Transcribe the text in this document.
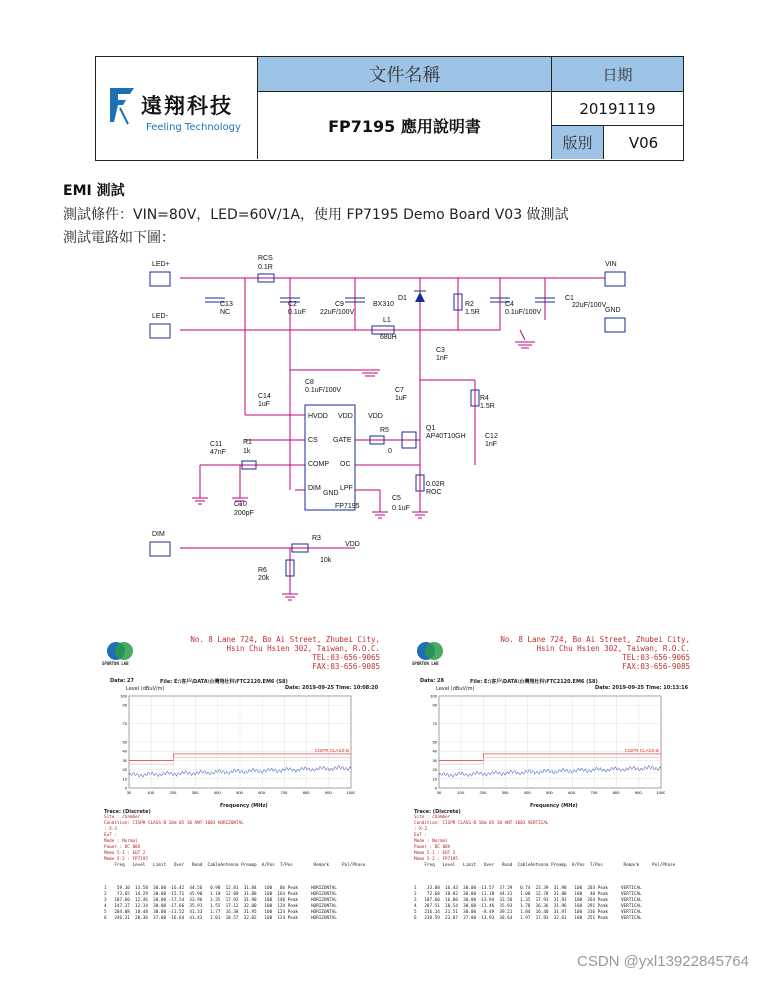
遠翔科技
Feeling Technology
文件名稱
FP7195 應用說明書
日期
20191119
版別	V06
EMI 測試
測試條件：VIN=80V，LED=60V/1A，使用 FP7195 Demo Board V03 做測試
測試電路如下圖：
LED+
LED-
VIN
GND
DIM
RCS
0.1R
C13
NC
C2
0.1uF
C9
22uF/100V
BX310
D1
R2
1.5R
C4
0.1uF/100V
C1
22uF/100V
L1
68uH
C3
1nF
C8
0.1uF/100V	C7
1uF
C14
1uF
R4
1.5R
HVDD VDD
CS GATE
COMP OC
DIM	LPF
GND
FP7195
VDD
R5
0
Q1
AP40T10GH	C12
1nF
C11
47nF
R1
1k
C10
200pF
C5
0.1uF
0.02R
ROC
R3
10k
VDD
R6
20k
SPORTON LAB
No. 8 Lane 724, Bo Ai Street, Zhubei City,
Hsin Chu Hsien 302, Taiwan, R.O.C.
TEL:03-656-9065
FAX:03-656-9085
Data: 27	File: E:\客戶\DATA\台灣翔杜科\FTC2120.EM6 (S8)
Date: 2019-09-25 Time: 10:08:20
Level (dBuV/m)
100
90
70
50
40
30
20
10
0
30	100.	200.	300.	400.	500.	600.	700.	800.	900.	1000
CISPR CLASS-B
Frequency (MHz)
Trace: (Discrete)
Site : chamber
Condition: CISPR CLASS-B 10m 05 10 ANT-1003 HORIZONTAL
: X-3
EuT :
Mode : Normal
Power : DC 80V
Memo 5-1 : EUT 2
Memo 5-2 : FP7195
Freq   Level   Limit   Over   Read  CableAntenna Preamp  A/Pos  T/Pos        Remark     Pol/Phase
1    59.10  13.58  30.00 -16.42  44.56   0.98  12.81  31.84   100   0b Peak     HORIZONTAL
2    73.65  14.29  30.00 -15.71  45.90   1.10  12.09  31.88   100  164 Peak     HORIZONTAL
3   107.60  12.46  30.00 -17.54  33.96   1.35  17.93  31.90   100  146 Peak     HORIZONTAL
4   147.37  12.34  30.00 -17.66  35.91   1.55  17.12  32.00   100  124 Peak     HORIZONTAL
5   204.08  18.48  30.00 -11.52  41.33   1.77  16.38  31.95   100  124 Peak     HORIZONTAL
6   246.31  20.36  37.00 -16.64  41.43   2.01  18.57  32.02   100  124 Peak     HORIZONTAL
SPORTON LAB
No. 8 Lane 724, Bo Ai Street, Zhubei City,
Hsin Chu Hsien 302, Taiwan, R.O.C.
TEL:03-656-9065
FAX:03-656-9085
Data: 28	File: E:\客戶\DATA\台灣翔杜科\FTC2120.EM6 (S8)
Date: 2019-09-25 Time: 10:13:16
Level (dBuV/m)
100
90
70
50
40
30
20
10
0
30	100.	200.	300.	400.	500.	600.	700.	800.	900.	1000
CISPR CLASS-B
Frequency (MHz)
Trace: (Discrete)
Site : chamber
Condition: CISPR CLASS-B 10m 05 10 ANT-1003 VERTICAL
: X-3
EuT :
Mode : Normal
Power : DC 80V
Memo 5-1 : EUT 2
Memo 5-2 : FP7195
Freq   Level   Limit   Over   Read  CableAntenna Preamp  A/Pos  T/Pos        Remark     Pol/Phase
1    33.88  16.43  30.00 -13.57  37.29   0.74  23.39  31.98   100  203 Peak     VERTICAL
2    72.68  18.82  30.00 -11.18  44.31   1.08  12.78  31.88   100   40 Peak     VERTICAL
3   107.60  16.06  30.00 -13.94  33.56   1.35  17.93  31.93   100  264 Peak     VERTICAL
4   207.51  18.54  30.00 -11.46  35.93   1.78  16.36  31.96   100  291 Peak     VERTICAL
5   216.14  21.51  30.00  -8.49  39.21   1.84  16.40  31.97   100  316 Peak     VERTICAL
6   238.59  23.07  37.00 -13.93  38.64   1.97  17.93  32.01   100  251 Peak     VERTICAL
CSDN @yxl13922845764
